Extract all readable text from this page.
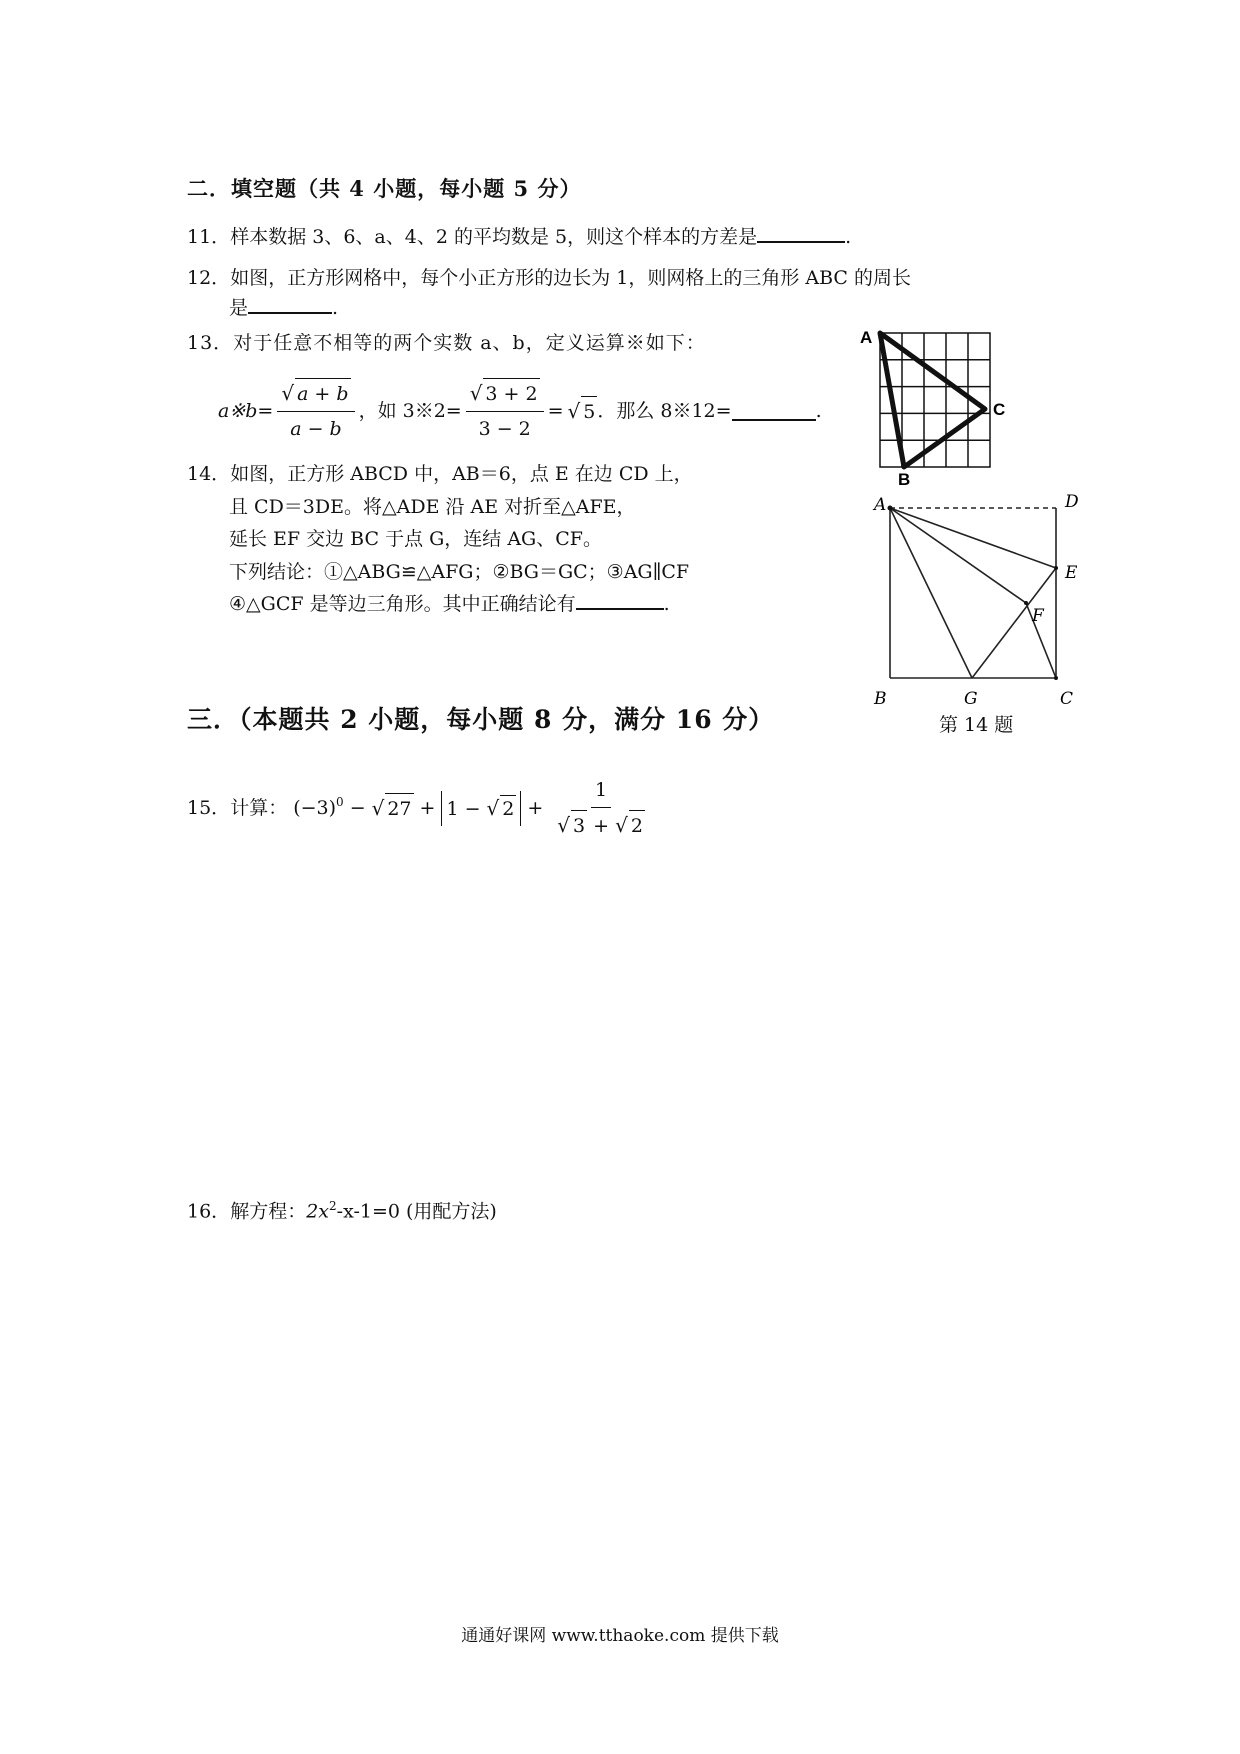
二．填空题（共 4 小题，每小题 5 分）
11．样本数据 3、6、a、4、2 的平均数是 5，则这个样本的方差是	.
12．如图，正方形网格中，每个小正方形的边长为 1，则网格上的三角形 ABC 的周长
是	.
13．对于任意不相等的两个实数 a、b，定义运算※如下：
a※b= $\frac{√ a + b}{a - b}$ ，如 3※2= $\frac{√ 3 + 2}{3 - 2}$ = √ 5 ．那么 8※12=	.
14．如图，正方形 ABCD 中，AB＝6，点 E 在边 CD 上，
且 CD＝3DE。将△ADE 沿 AE 对折至△AFE，
延长 EF 交边 BC 于点 G，连结 AG、CF。
下列结论：①△ABG≌△AFG；②BG＝GC；③AG∥CF
④△GCF 是等边三角形。其中正确结论有	.
A
C
B
A	D
E
F
G
B	C
第 14 题
三．（本题共 2 小题，每小题 8 分，满分 16 分）
15． 计算： $(-3)^0$ − √ 27 + 1 − √ $2 + \frac{1}{√ 3 + √ 2}$
16．解方程：$2x^2-x-1=0$ (用配方法)
通通好课网 www.tthaoke.com 提供下载
